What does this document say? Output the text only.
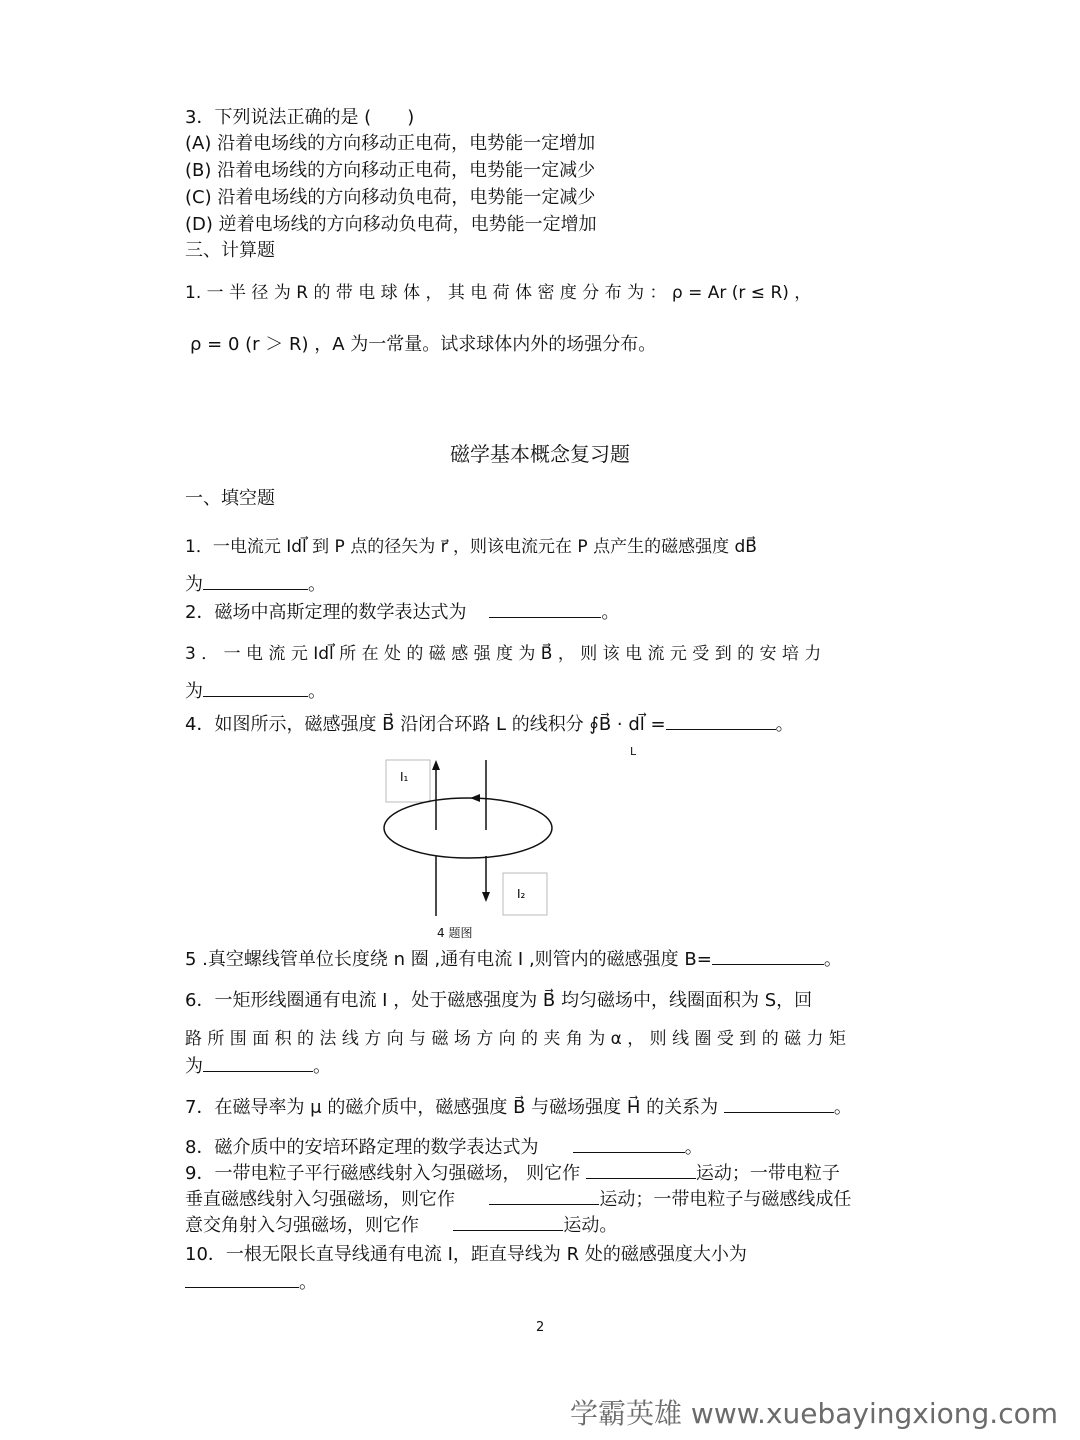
3．下列说法正确的是 (　　)
(A) 沿着电场线的方向移动正电荷，电势能一定增加
(B) 沿着电场线的方向移动正电荷，电势能一定减少
(C) 沿着电场线的方向移动负电荷，电势能一定减少
(D) 逆着电场线的方向移动负电荷，电势能一定增加
三、计算题
1. 一 半 径 为 R 的 带 电 球 体 ， 其 电 荷 体 密 度 分 布 为 ： ρ = Ar (r ≤ R) ，
ρ = 0 (r ＞ R) ，A 为一常量。试求球体内外的场强分布。
磁学基本概念复习题
一、填空题
1．一电流元 Idl⃗ 到 P 点的径矢为 r⃗ ，则该电流元在 P 点产生的磁感强度 dB⃗
为	。
2．磁场中高斯定理的数学表达式为	。
3 ． 一 电 流 元 Idl⃗ 所 在 处 的 磁 感 强 度 为 B⃗ ， 则 该 电 流 元 受 到 的 安 培 力
为	。
4．如图所示，磁感强度 B⃗ 沿闭合环路 L 的线积分 ∮B⃗ · dl⃗ =	。
I₁
I₂
L
4 题图
5 .真空螺线管单位长度绕 n 圈 ,通有电流 I ,则管内的磁感强度 B=	。
6．一矩形线圈通有电流 I ，处于磁感强度为 B⃗ 均匀磁场中，线圈面积为 S，回
路 所 围 面 积 的 法 线 方 向 与 磁 场 方 向 的 夹 角 为 α ， 则 线 圈 受 到 的 磁 力 矩
为	。
7．在磁导率为 μ 的磁介质中，磁感强度 B⃗ 与磁场强度 H⃗ 的关系为	。
8．磁介质中的安培环路定理的数学表达式为	。
9．一带电粒子平行磁感线射入匀强磁场， 则它作	运动；一带电粒子
垂直磁感线射入匀强磁场，则它作	运动；一带电粒子与磁感线成任
意交角射入匀强磁场，则它作	运动。
10．一根无限长直导线通有电流 I，距直导线为 R 处的磁感强度大小为
。
2
学霸英雄 www.xuebayingxiong.com
